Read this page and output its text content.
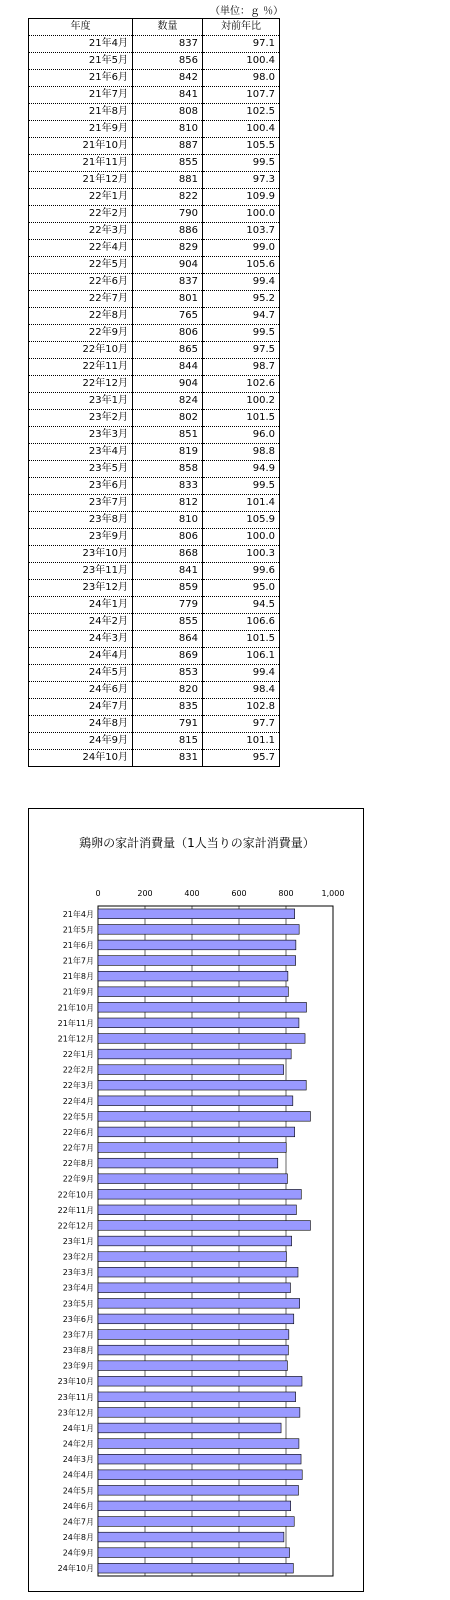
（単位：ｇ ％）
年度	数量	対前年比
21年4月	837	97.1
21年5月	856	100.4
21年6月	842	98.0
21年7月	841	107.7
21年8月	808	102.5
21年9月	810	100.4
21年10月	887	105.5
21年11月	855	99.5
21年12月	881	97.3
22年1月	822	109.9
22年2月	790	100.0
22年3月	886	103.7
22年4月	829	99.0
22年5月	904	105.6
22年6月	837	99.4
22年7月	801	95.2
22年8月	765	94.7
22年9月	806	99.5
22年10月	865	97.5
22年11月	844	98.7
22年12月	904	102.6
23年1月	824	100.2
23年2月	802	101.5
23年3月	851	96.0
23年4月	819	98.8
23年5月	858	94.9
23年6月	833	99.5
23年7月	812	101.4
23年8月	810	105.9
23年9月	806	100.0
23年10月	868	100.3
23年11月	841	99.6
23年12月	859	95.0
24年1月	779	94.5
24年2月	855	106.6
24年3月	864	101.5
24年4月	869	106.1
24年5月	853	99.4
24年6月	820	98.4
24年7月	835	102.8
24年8月	791	97.7
24年9月	815	101.1
24年10月	831	95.7
鶏卵の家計消費量（1人当りの家計消費量）
0	200	400	600	800	1,000
21年4月
21年5月
21年6月
21年7月
21年8月
21年9月
21年10月
21年11月
21年12月
22年1月
22年2月
22年3月
22年4月
22年5月
22年6月
22年7月
22年8月
22年9月
22年10月
22年11月
22年12月
23年1月
23年2月
23年3月
23年4月
23年5月
23年6月
23年7月
23年8月
23年9月
23年10月
23年11月
23年12月
24年1月
24年2月
24年3月
24年4月
24年5月
24年6月
24年7月
24年8月
24年9月
24年10月
